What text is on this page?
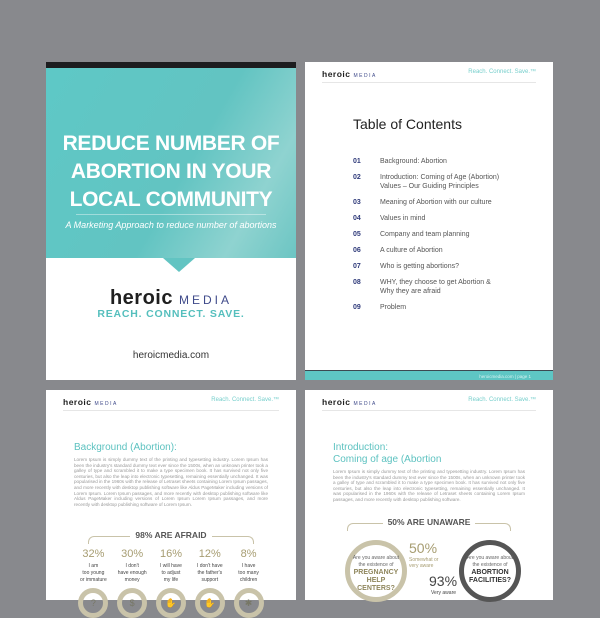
REDUCE NUMBER OF ABORTION IN YOUR LOCAL COMMUNITY
A Marketing Approach to reduce number of abortions
heroic MEDIA
REACH. CONNECT. SAVE.
heroicmedia.com
heroic MEDIA
Reach. Connect. Save.™
Table of Contents
01	Background: Abortion
02	Introduction: Coming of Age (Abortion)
Values – Our Guiding Principles
03	Meaning of Abortion with our culture
04	Values in mind
05	Company and team planning
06	A culture of Abortion
07	Who is getting abortions?
08	WHY, they choose to get Abortion &
Why they are afraid
09	Problem
heroicmedia.com | page 1
heroic MEDIA
Reach. Connect. Save.™
Background (Abortion):
Lorem Ipsum is simply dummy text of the printing and typesetting industry. Lorem Ipsum has been the industry's standard dummy text ever since the 1500s, when an unknown printer took a galley of type and scrambled it to make a type specimen book. It has survived not only five centuries, but also the leap into electronic typesetting, remaining essentially unchanged. It was popularised in the 1960s with the release of Letraset sheets containing Lorem Ipsum passages, and more recently with desktop publishing software like Aldus PageMaker including versions of Lorem Ipsum. Lorem Ipsum passages, and more recently with desktop publishing software like Aldus PageMaker including versions of Lorem Ipsum Lorem Ipsum passages, and more recently with desktop publishing software of Lorem Ipsum.
98% ARE AFRAID
32%
I am
too young
or immature
?
30%
I don't
have enough
money
$
16%
I will have
to adjust
my life
✋
12%
I don't have
the father's
support
✋
8%
I have
too many
children
✱
heroic MEDIA
Reach. Connect. Save.™
Introduction:
Coming of age (Abortion
Lorem Ipsum is simply dummy text of the printing and typesetting industry. Lorem Ipsum has been the industry's standard dummy text ever since the 1500s, when an unknown printer took a galley of type and scrambled it to make a type specimen book. It has survived not only five centuries, but also the leap into electronic typesetting, remaining essentially unchanged. It was popularised in the 1960s with the release of Letraset sheets containing Lorem Ipsum passages, and more recently with desktop publishing software.
50% ARE UNAWARE
Are you aware about the existence of
PREGNANCY HELP CENTERS?
50%
Somewhat or very aware
93%
Very aware
Are you aware about the existence of
ABORTION FACILITIES?
